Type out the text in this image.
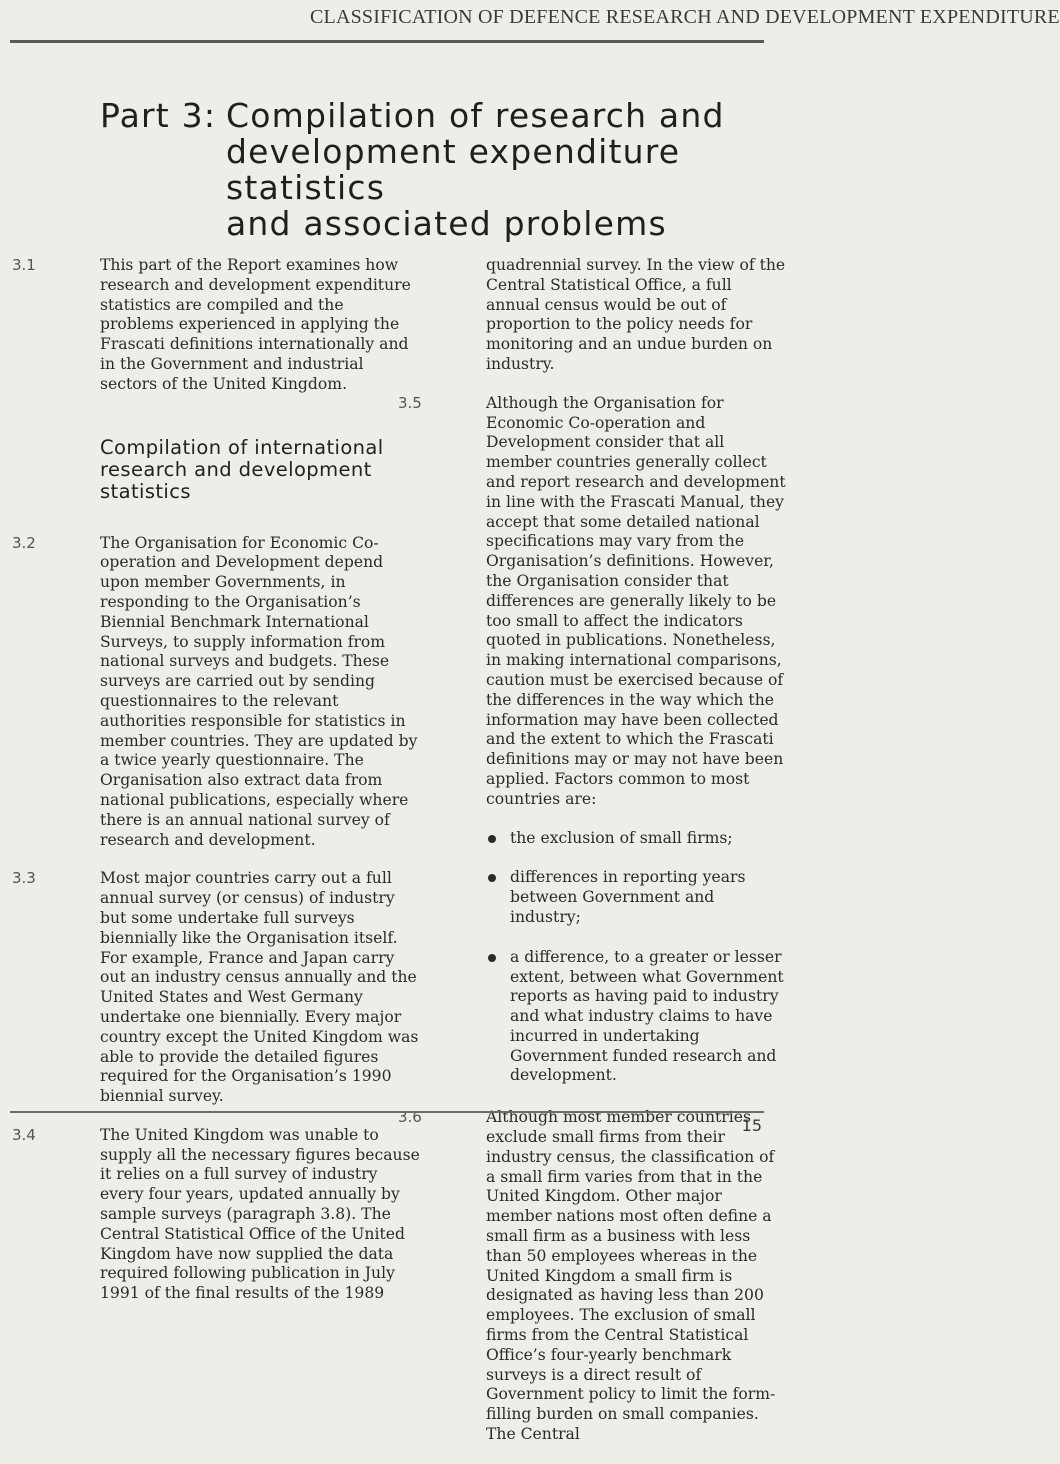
CLASSIFICATION OF DEFENCE RESEARCH AND DEVELOPMENT EXPENDITURE
Part 3: Compilation of research and
development expenditure statistics
and associated problems
3.1	This part of the Report examines how research and development expenditure statistics are compiled and the problems experienced in applying the Frascati definitions internationally and in the Government and industrial sectors of the United Kingdom.
Compilation of international research and development statistics
3.2	The Organisation for Economic Co-operation and Development depend upon member Governments, in responding to the Organisation’s Biennial Benchmark International Surveys, to supply information from national surveys and budgets. These surveys are carried out by sending questionnaires to the relevant authorities responsible for statistics in member countries. They are updated by a twice yearly questionnaire. The Organisation also extract data from national publications, especially where there is an annual national survey of research and development.
3.3	Most major countries carry out a full annual survey (or census) of industry but some undertake full surveys biennially like the Organisation itself. For example, France and Japan carry out an industry census annually and the United States and West Germany undertake one biennially. Every major country except the United Kingdom was able to provide the detailed figures required for the Organisation’s 1990 biennial survey.
3.4	The United Kingdom was unable to supply all the necessary figures because it relies on a full survey of industry every four years, updated annually by sample surveys (paragraph 3.8). The Central Statistical Office of the United Kingdom have now supplied the data required following publication in July 1991 of the final results of the 1989
quadrennial survey. In the view of the Central Statistical Office, a full annual census would be out of proportion to the policy needs for monitoring and an undue burden on industry.
3.5	Although the Organisation for Economic Co-operation and Development consider that all member countries generally collect and report research and development in line with the Frascati Manual, they accept that some detailed national specifications may vary from the Organisation’s definitions. However, the Organisation consider that differences are generally likely to be too small to affect the indicators quoted in publications. Nonetheless, in making international comparisons, caution must be exercised because of the differences in the way which the information may have been collected and the extent to which the Frascati definitions may or may not have been applied. Factors common to most countries are:
the exclusion of small firms;
differences in reporting years between Government and industry;
a difference, to a greater or lesser extent, between what Government reports as having paid to industry and what industry claims to have incurred in undertaking Government funded research and development.
3.6	Although most member countries exclude small firms from their industry census, the classification of a small firm varies from that in the United Kingdom. Other major member nations most often define a small firm as a business with less than 50 employees whereas in the United Kingdom a small firm is designated as having less than 200 employees. The exclusion of small firms from the Central Statistical Office’s four-yearly benchmark surveys is a direct result of Government policy to limit the form-filling burden on small companies. The Central
15
